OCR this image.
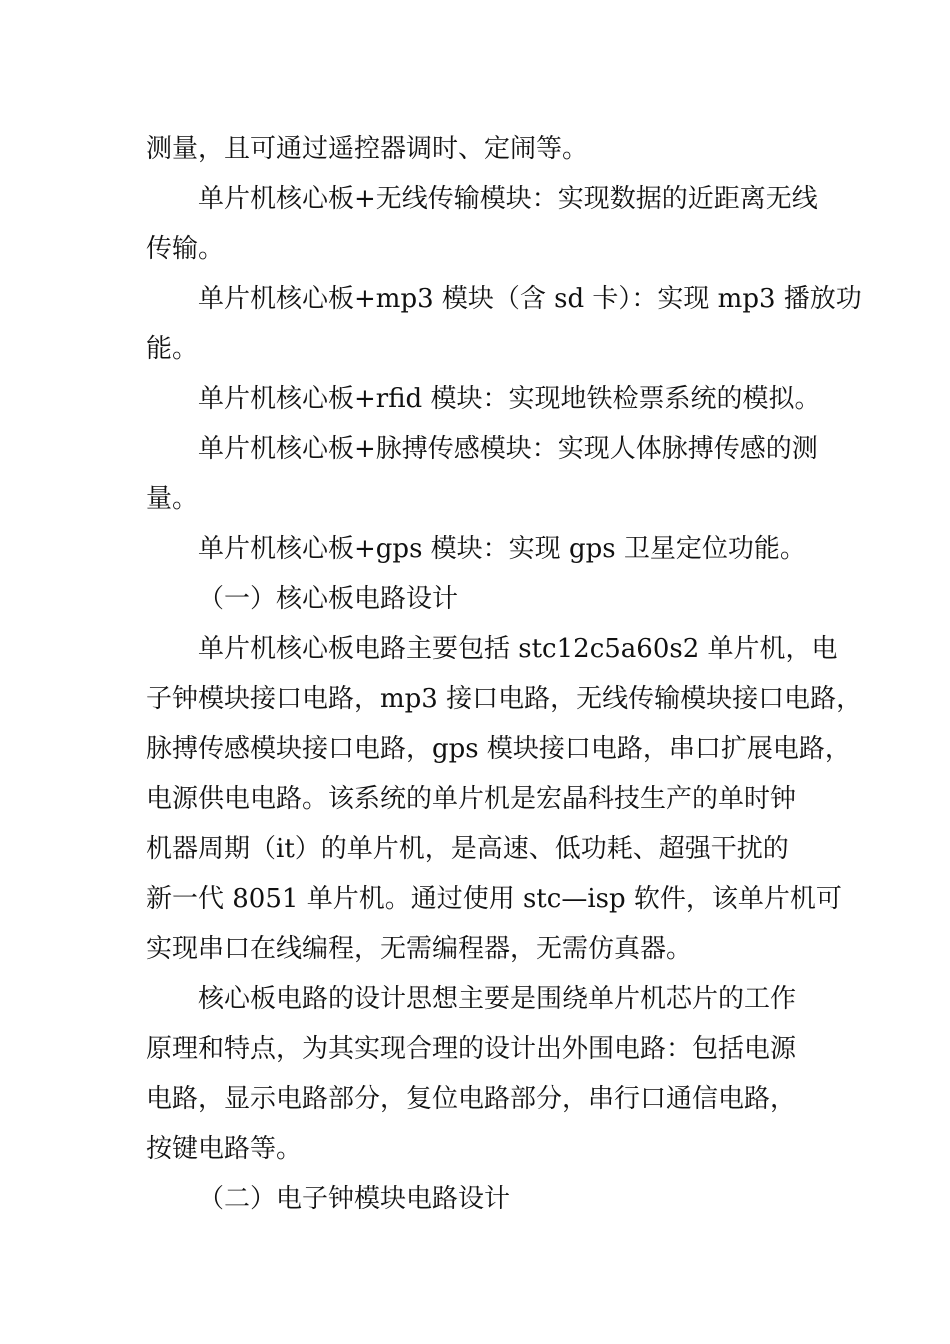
测量，且可通过遥控器调时、定闹等。
单片机核心板+无线传输模块：实现数据的近距离无线
传输。
单片机核心板+mp3 模块（含 sd 卡）：实现 mp3 播放功
能。
单片机核心板+rfid 模块：实现地铁检票系统的模拟。
单片机核心板+脉搏传感模块：实现人体脉搏传感的测
量。
单片机核心板+gps 模块：实现 gps 卫星定位功能。
（一）核心板电路设计
单片机核心板电路主要包括 stc12c5a60s2 单片机，电
子钟模块接口电路，mp3 接口电路，无线传输模块接口电路，
脉搏传感模块接口电路，gps 模块接口电路，串口扩展电路，
电源供电电路。该系统的单片机是宏晶科技生产的单时钟
机器周期（it）的单片机，是高速、低功耗、超强干扰的
新一代 8051 单片机。通过使用 stc—isp 软件，该单片机可
实现串口在线编程，无需编程器，无需仿真器。
核心板电路的设计思想主要是围绕单片机芯片的工作
原理和特点，为其实现合理的设计出外围电路：包括电源
电路，显示电路部分，复位电路部分，串行口通信电路，
按键电路等。
（二）电子钟模块电路设计
